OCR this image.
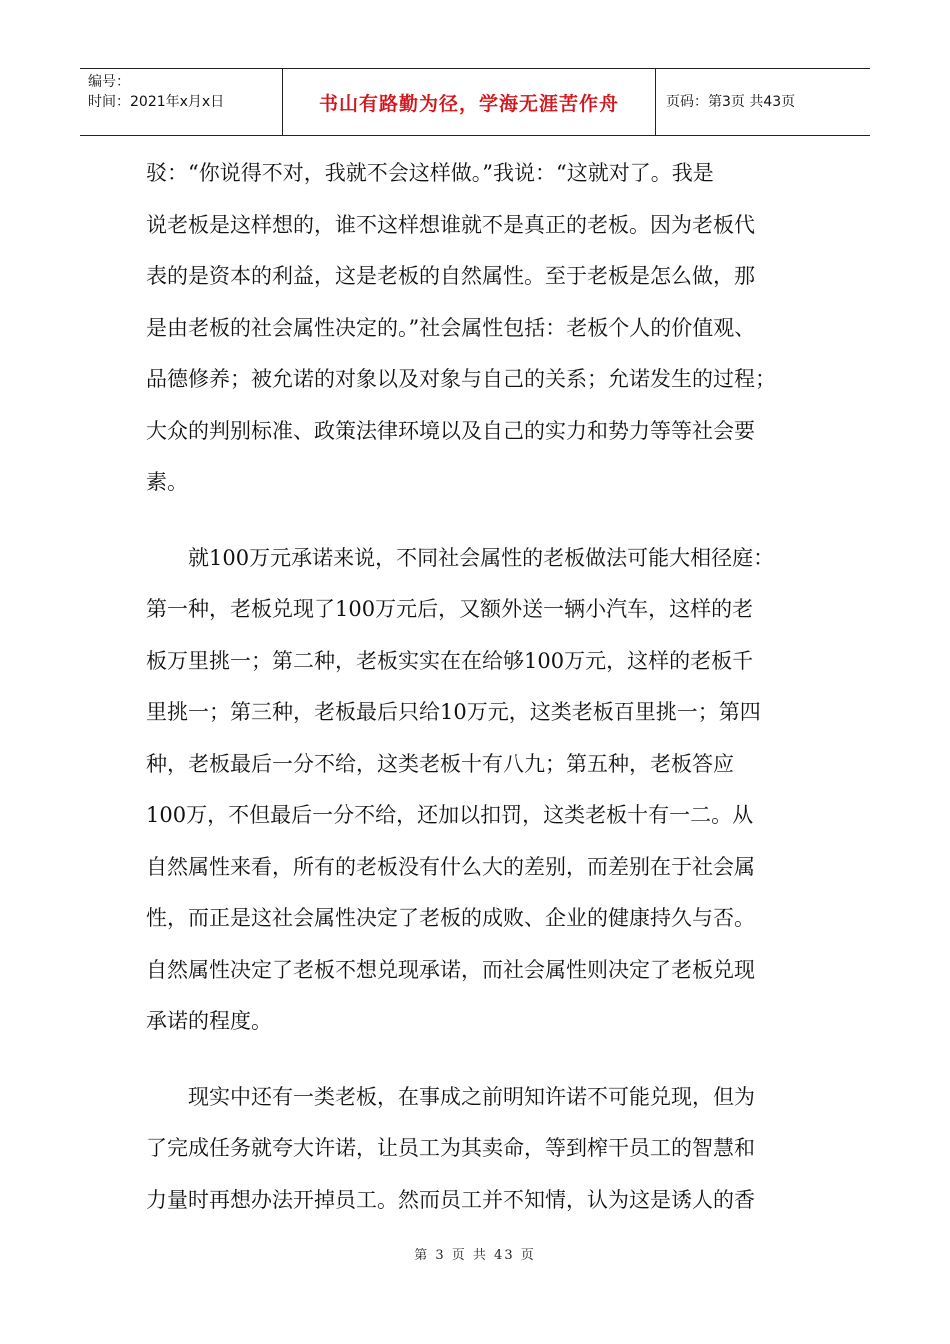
编号：
时间：2021年x月x日	书山有路勤为径，学海无涯苦作舟	页码：第3页 共43页

驳：“你说得不对，我就不会这样做。”我说：“这就对了。我是
说老板是这样想的，谁不这样想谁就不是真正的老板。因为老板代
表的是资本的利益，这是老板的自然属性。至于老板是怎么做，那
是由老板的社会属性决定的。”社会属性包括：老板个人的价值观、
品德修养；被允诺的对象以及对象与自己的关系；允诺发生的过程；
大众的判别标准、政策法律环境以及自己的实力和势力等等社会要
素。

　　就100万元承诺来说，不同社会属性的老板做法可能大相径庭：
第一种，老板兑现了100万元后，又额外送一辆小汽车，这样的老
板万里挑一；第二种，老板实实在在给够100万元，这样的老板千
里挑一；第三种，老板最后只给10万元，这类老板百里挑一；第四
种，老板最后一分不给，这类老板十有八九；第五种，老板答应
100万，不但最后一分不给，还加以扣罚，这类老板十有一二。从
自然属性来看，所有的老板没有什么大的差别，而差别在于社会属
性，而正是这社会属性决定了老板的成败、企业的健康持久与否。
自然属性决定了老板不想兑现承诺，而社会属性则决定了老板兑现
承诺的程度。

　　现实中还有一类老板，在事成之前明知许诺不可能兑现，但为
了完成任务就夸大许诺，让员工为其卖命，等到榨干员工的智慧和
力量时再想办法开掉员工。然而员工并不知情，认为这是诱人的香

第 3 页 共 43 页
